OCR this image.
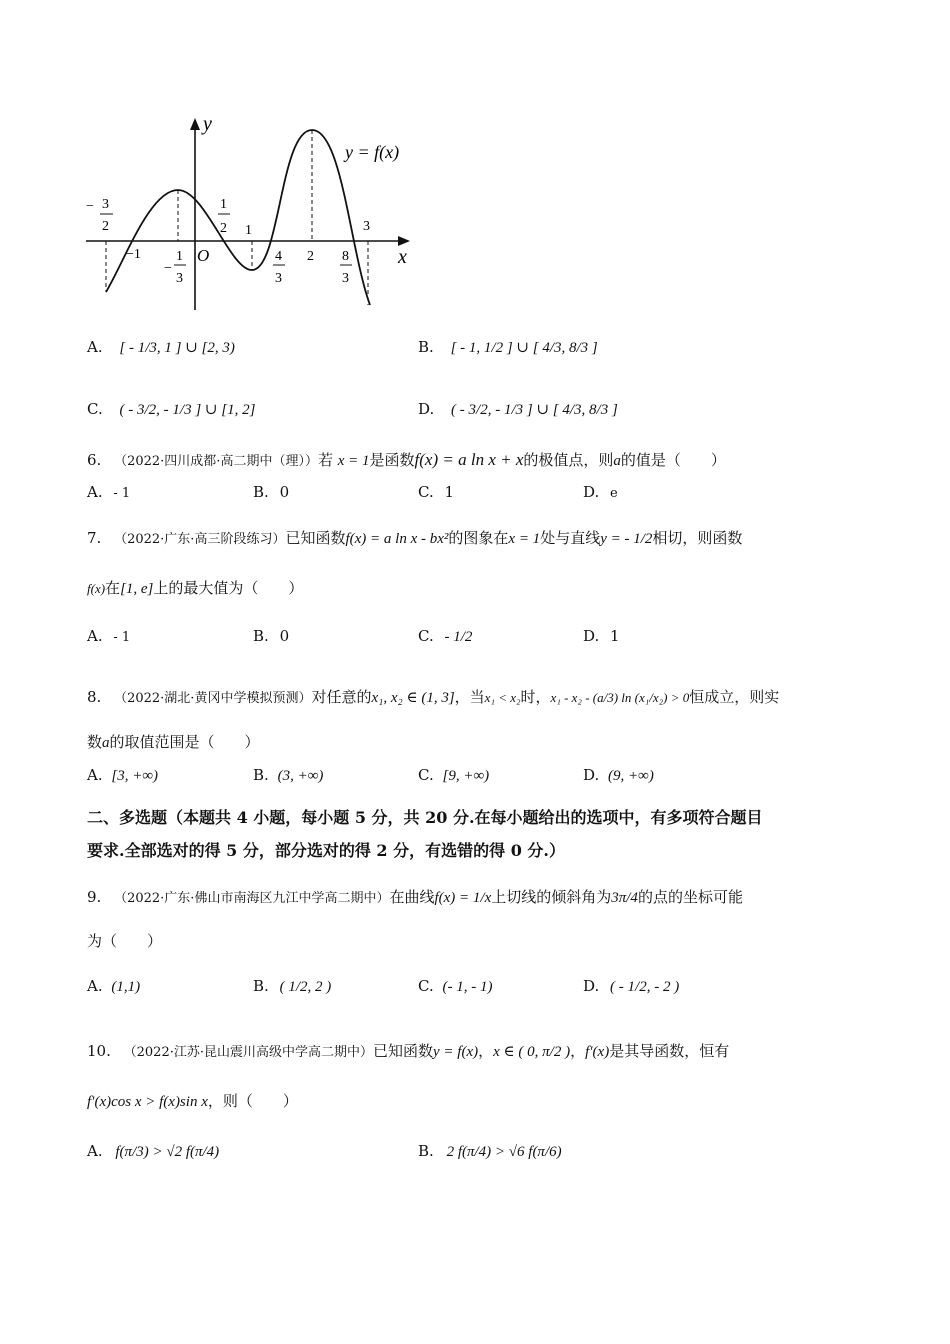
y
x
O
y = f(x)
− 3
2
−1
−
1
3
1
2 1
4
3
2 8
3
3
A. [ - 1/3, 1 ] ∪ [2, 3)	B. [ - 1, 1/2 ] ∪ [ 4/3, 8/3 ]
C. ( - 3/2, - 1/3 ] ∪ [1, 2]	D. ( - 3/2, - 1/3 ] ∪ [ 4/3, 8/3 ]
6. （2022·四川成都·高二期中（理））若 x = 1是函数f(x) = a ln x + x的极值点，则a的值是（　　）
A. - 1	B. 0	C. 1	D. e
7. （2022·广东·高三阶段练习）已知函数f(x) = a ln x - bx²的图象在x = 1处与直线y = - 1/2相切，则函数
f(x)在[1, e]上的最大值为（　　）
A. - 1	B. 0	C. - 1/2	D. 1
8. （2022·湖北·黄冈中学模拟预测）对任意的x₁, x₂ ∈ (1, 3]，当x₁ < x₂时，x₁ - x₂ - (a/3) ln (x₁/x₂) > 0恒成立，则实
数a的取值范围是（　　）
A. [3, +∞)	B. (3, +∞)	C. [9, +∞)	D. (9, +∞)
二、多选题（本题共 4 小题，每小题 5 分，共 20 分.在每小题给出的选项中，有多项符合题目
要求.全部选对的得 5 分，部分选对的得 2 分，有选错的得 0 分.）
9. （2022·广东·佛山市南海区九江中学高二期中）在曲线f(x) = 1/x上切线的倾斜角为3π/4的点的坐标可能
为（　　）
A. (1,1)	B. ( 1/2, 2 )	C. (- 1, - 1)	D. ( - 1/2, - 2 )
10. （2022·江苏·昆山震川高级中学高二期中）已知函数y = f(x)，x ∈ ( 0, π/2 )，f′(x)是其导函数，恒有
f′(x)cos x > f(x)sin x，则（　　）
A. f(π/3) > √2 f(π/4)	B. 2 f(π/4) > √6 f(π/6)
